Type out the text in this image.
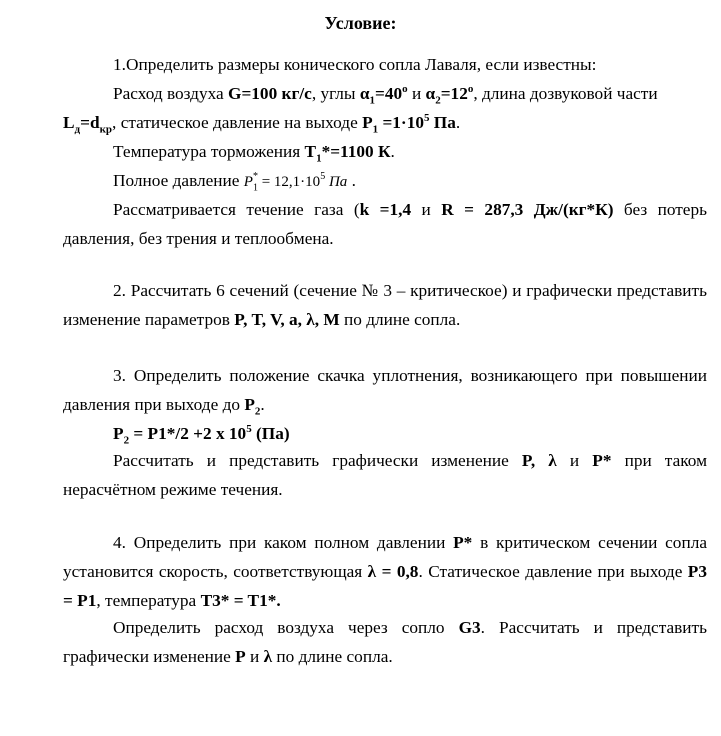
Условие:
1.Определить размеры конического сопла Лаваля, если известны:
Расход воздуха G=100 кг/с, углы $\alpha_1=40^о$ и $\alpha_2=12^о$, длина дозвуковой части
$L_д=d_{кр}$, статическое давление на выходе $P_1 =1\cdot 10^5$ Па.
Температура торможения $T_1*=1100$ К.
Полное давление $P_1^* = 12,1\cdot 10^5$ Па .

Рассматривается течение газа (k =1,4 и R = 287,3 Дж/(кг*К) без потерь давления, без трения и теплообмена.

2. Рассчитать 6 сечений (сечение № 3 – критическое) и графически представить изменение параметров P, T, V, a, λ, M по длине сопла.

3. Определить положение скачка уплотнения, возникающего при повышении давления при выходе до $P_2$.

$P_2 = P1*/2 +2$ х $10^5$ (Па)

Рассчитать и представить графически изменение P, λ и P* при таком нерасчётном режиме течения.

4. Определить при каком полном давлении P* в критическом сечении сопла установится скорость, соответствующая λ = 0,8. Статическое давление при выходе P3 = P1, температура T3* = T1*.

Определить расход воздуха через сопло G3. Рассчитать и представить графически изменение P и λ по длине сопла.
